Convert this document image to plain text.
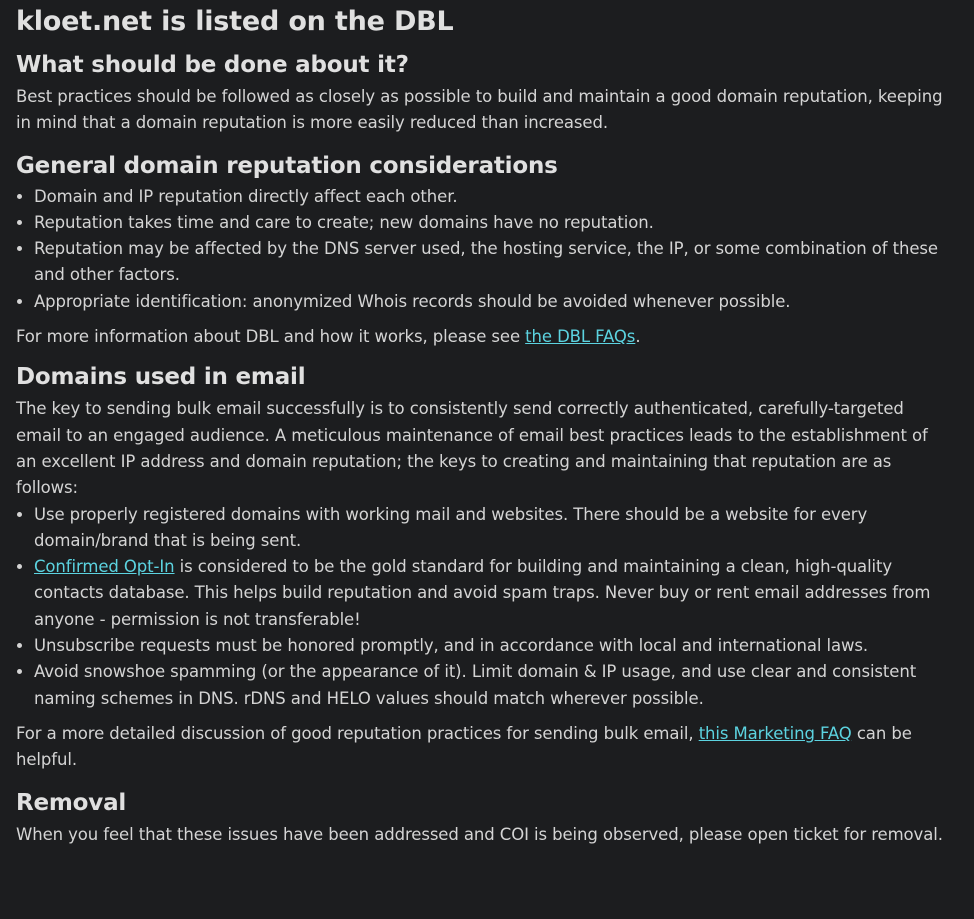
kloet.net is listed on the DBL
What should be done about it?

Best practices should be followed as closely as possible to build and maintain a good domain reputation, keeping in mind that a domain reputation is more easily reduced than increased.

General domain reputation considerations
• Domain and IP reputation directly affect each other.
• Reputation takes time and care to create; new domains have no reputation.
• Reputation may be affected by the DNS server used, the hosting service, the IP, or some combination of these and other factors.
• Appropriate identification: anonymized Whois records should be avoided whenever possible.

For more information about DBL and how it works, please see the DBL FAQs.

Domains used in email

The key to sending bulk email successfully is to consistently send correctly authenticated, carefully-targeted email to an engaged audience. A meticulous maintenance of email best practices leads to the establishment of an excellent IP address and domain reputation; the keys to creating and maintaining that reputation are as follows:

• Use properly registered domains with working mail and websites. There should be a website for every domain/brand that is being sent.
• Confirmed Opt-In is considered to be the gold standard for building and maintaining a clean, high-quality contacts database. This helps build reputation and avoid spam traps. Never buy or rent email addresses from anyone - permission is not transferable!
• Unsubscribe requests must be honored promptly, and in accordance with local and international laws.
• Avoid snowshoe spamming (or the appearance of it). Limit domain & IP usage, and use clear and consistent naming schemes in DNS. rDNS and HELO values should match wherever possible.

For a more detailed discussion of good reputation practices for sending bulk email, this Marketing FAQ can be helpful.

Removal

When you feel that these issues have been addressed and COI is being observed, please open ticket for removal.
